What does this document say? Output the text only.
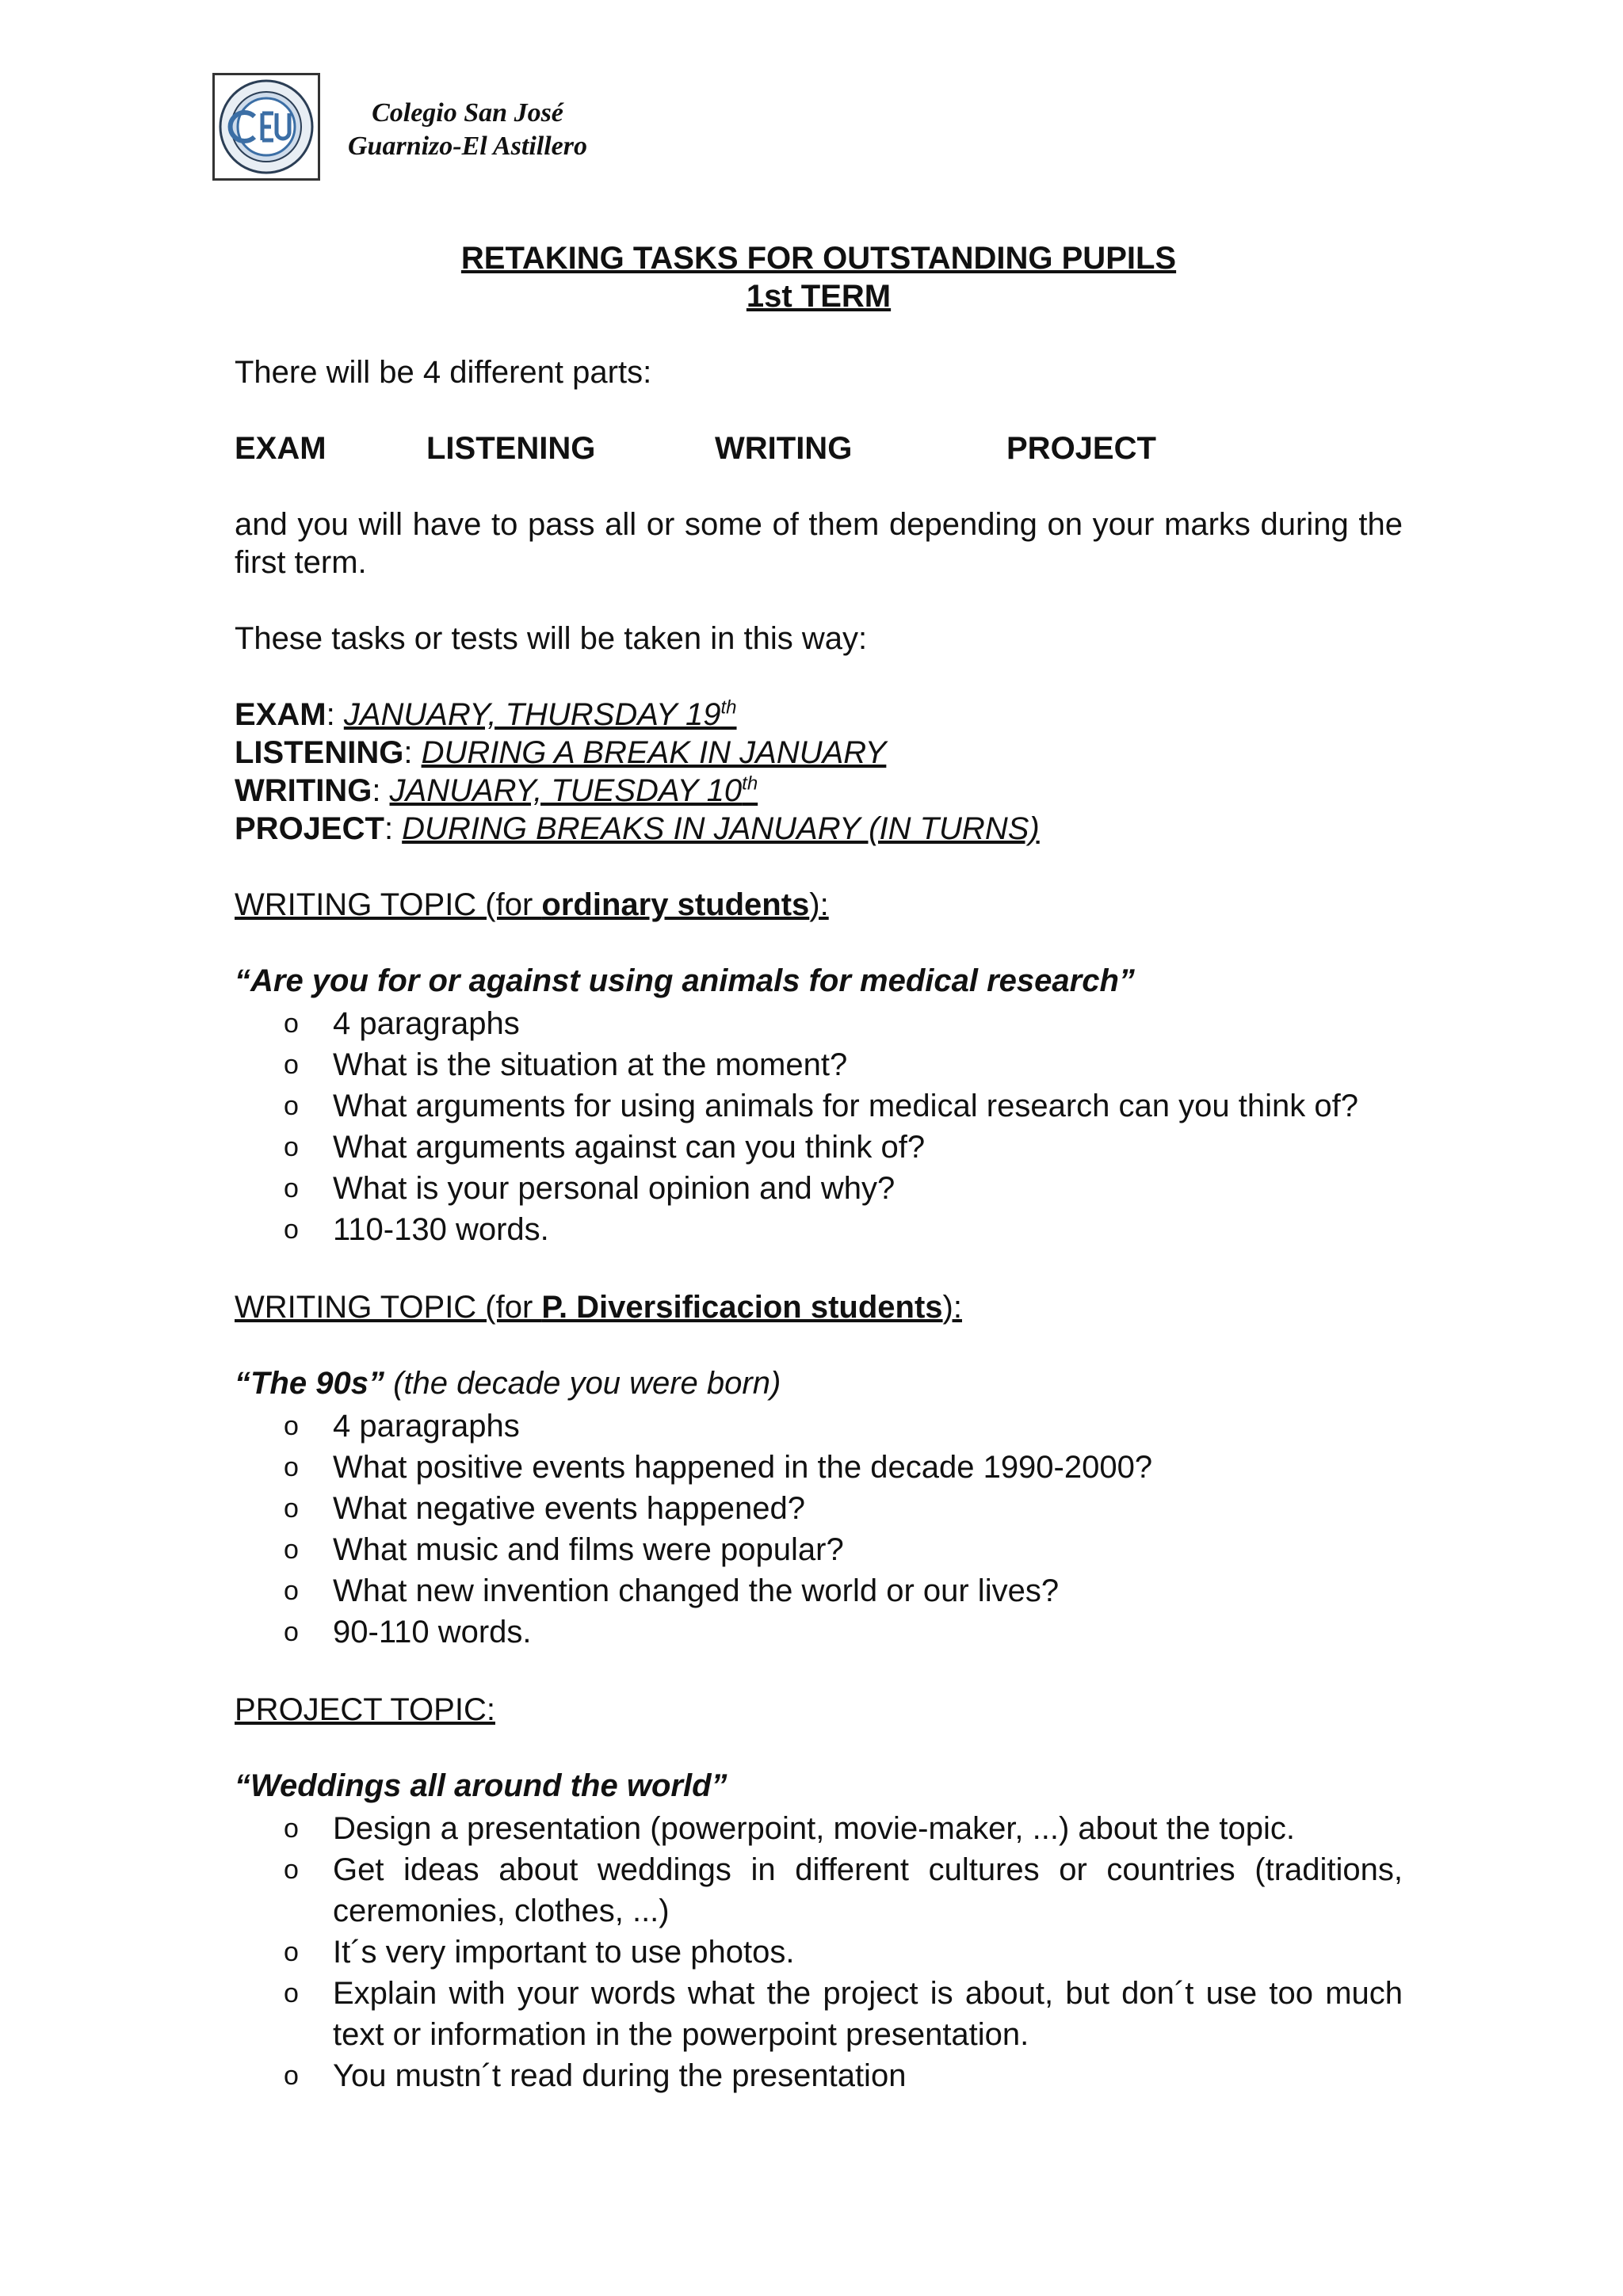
Colegio San José
Guarnizo-El Astillero
RETAKING TASKS FOR OUTSTANDING PUPILS
1st TERM

There will be 4 different parts:

EXAM	LISTENING	WRITING	PROJECT

and you will have to pass all or some of them depending on your marks during the first term.

These tasks or tests will be taken in this way:

EXAM: JANUARY, THURSDAY 19th
LISTENING: DURING A BREAK IN JANUARY
WRITING: JANUARY, TUESDAY 10th
PROJECT: DURING BREAKS IN JANUARY (IN TURNS)

WRITING TOPIC (for ordinary students):

“Are you for or against using animals for medical research”

o 4 paragraphs
o What is the situation at the moment?
o What arguments for using animals for medical research can you think of?
o What arguments against can you think of?
o What is your personal opinion and why?
o 110-130 words.

WRITING TOPIC (for P. Diversificacion students):

“The 90s” (the decade you were born)

o 4 paragraphs
o What positive events happened in the decade 1990-2000?
o What negative events happened?
o What music and films were popular?
o What new invention changed the world or our lives?
o 90-110 words.

PROJECT TOPIC:

“Weddings all around the world”

o Design a presentation (powerpoint, movie-maker, ...) about the topic.
o Get ideas about weddings in different cultures or countries (traditions, ceremonies, clothes, ...)
o It´s very important to use photos.
o Explain with your words what the project is about, but don´t use too much text or information in the powerpoint presentation.
o You mustn´t read during the presentation
